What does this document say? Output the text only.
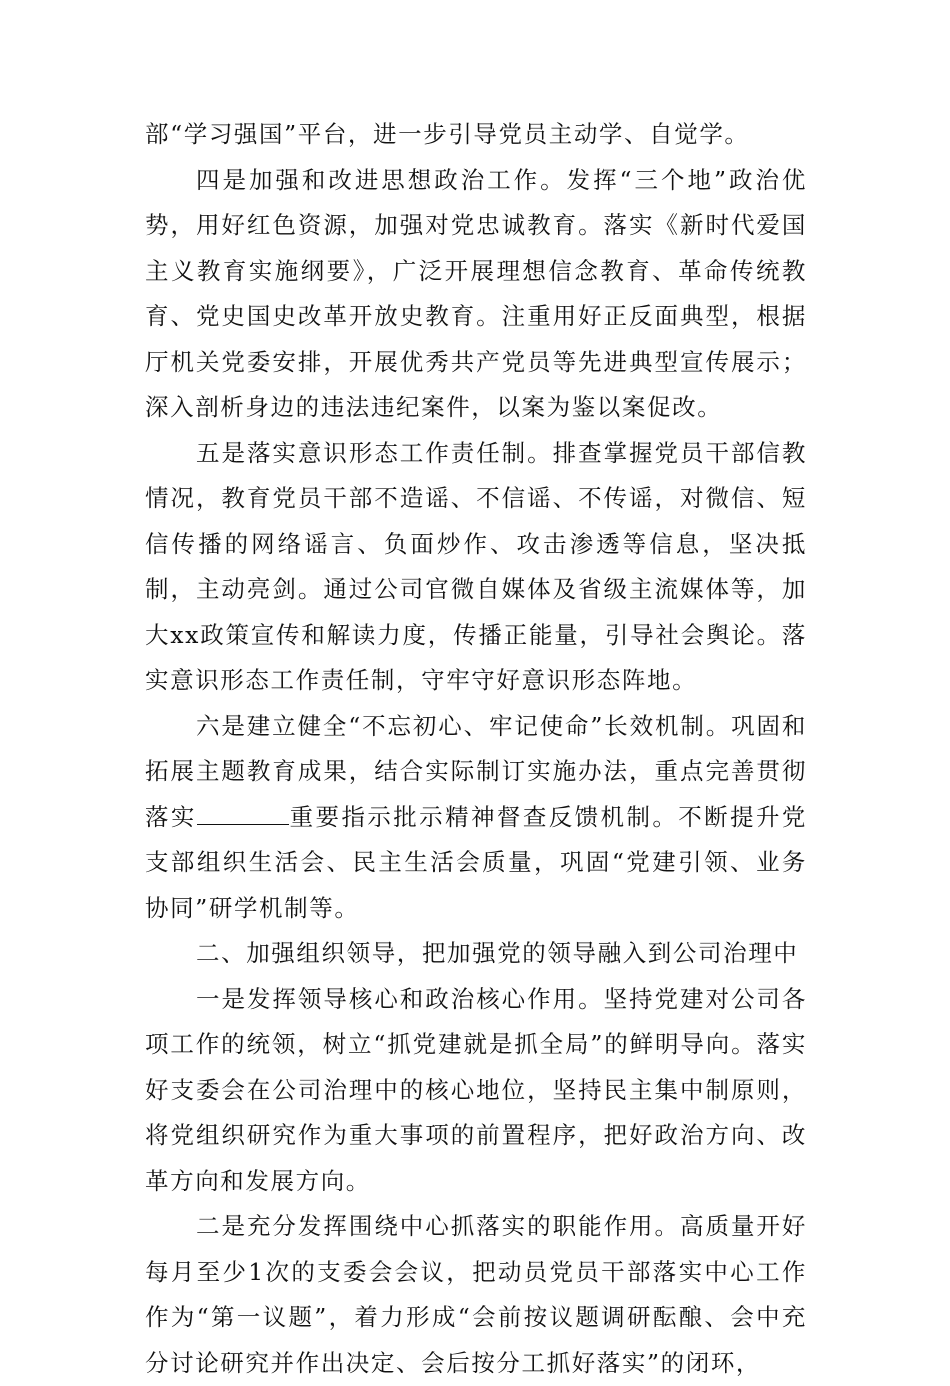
部“学习强国”平台，进一步引导党员主动学、自觉学。

四是加强和改进思想政治工作。发挥“三个地”政治优势，用好红色资源，加强对党忠诚教育。落实《新时代爱国主义教育实施纲要》，广泛开展理想信念教育、革命传统教育、党史国史改革开放史教育。注重用好正反面典型，根据厅机关党委安排，开展优秀共产党员等先进典型宣传展示；深入剖析身边的违法违纪案件，以案为鉴以案促改。

五是落实意识形态工作责任制。排查掌握党员干部信教情况，教育党员干部不造谣、不信谣、不传谣，对微信、短信传播的网络谣言、负面炒作、攻击渗透等信息，坚决抵制，主动亮剑。通过公司官微自媒体及省级主流媒体等，加大xx政策宣传和解读力度，传播正能量，引导社会舆论。落实意识形态工作责任制，守牢守好意识形态阵地。

六是建立健全“不忘初心、牢记使命”长效机制。巩固和拓展主题教育成果，结合实际制订实施办法，重点完善贯彻落实	重要指示批示精神督查反馈机制。不断提升党支部组织生活会、民主生活会质量，巩固“党建引领、业务协同”研学机制等。

二、加强组织领导，把加强党的领导融入到公司治理中

一是发挥领导核心和政治核心作用。坚持党建对公司各项工作的统领，树立“抓党建就是抓全局”的鲜明导向。落实好支委会在公司治理中的核心地位，坚持民主集中制原则，将党组织研究作为重大事项的前置程序，把好政治方向、改革方向和发展方向。

二是充分发挥围绕中心抓落实的职能作用。高质量开好每月至少1次的支委会会议，把动员党员干部落实中心工作作为“第一议题”，着力形成“会前按议题调研酝酿、会中充分讨论研究并作出决定、会后按分工抓好落实”的闭环，
